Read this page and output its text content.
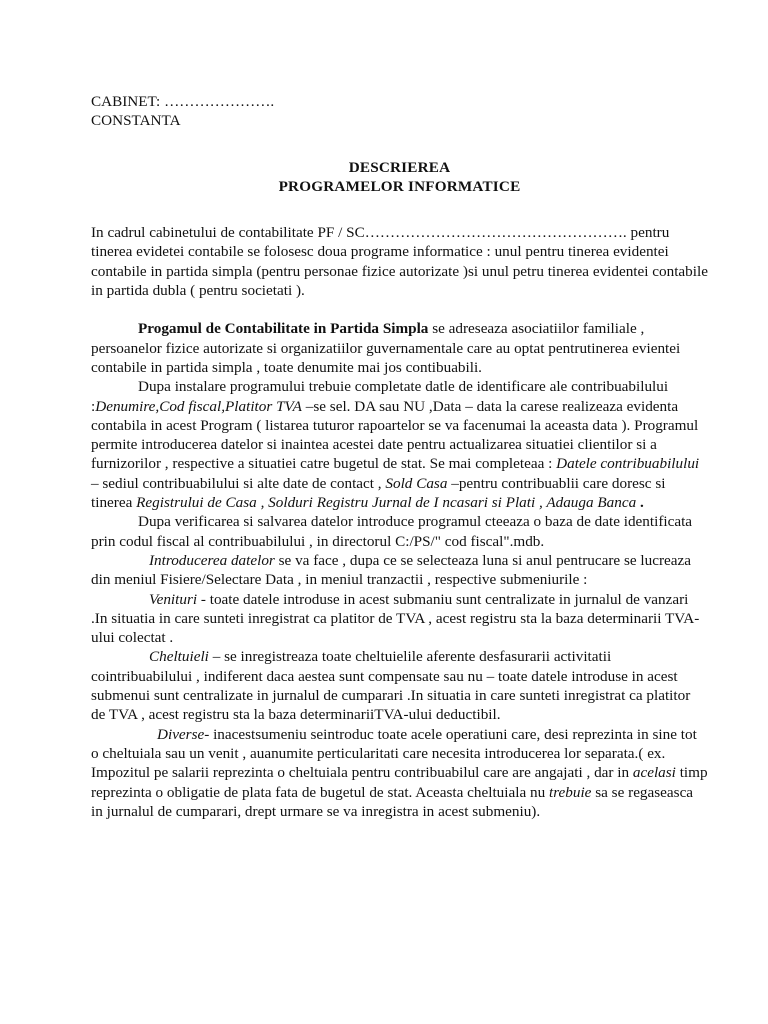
CABINET: ………………….

CONSTANTA

DESCRIEREA

PROGRAMELOR INFORMATICE

In cadrul cabinetului de contabilitate PF / SC……………………………………………. pentru tinerea evidetei contabile se folosesc doua programe informatice : unul pentru tinerea evidentei contabile in partida simpla (pentru personae fizice autorizate )si unul petru tinerea evidentei contabile in partida dubla ( pentru societati ).

Progamul de Contabilitate in Partida Simpla se adreseaza asociatiilor familiale , persoanelor fizice autorizate si organizatiilor guvernamentale care au optat pentrutinerea evientei contabile in partida simpla , toate denumite mai jos contibuabili.

Dupa instalare programului trebuie completate datle de identificare ale contribuabilului :Denumire,Cod fiscal,Platitor TVA –se sel. DA sau NU ,Data – data la carese realizeaza evidenta contabila in acest Program ( listarea tuturor rapoartelor se va facenumai la aceasta data ). Programul permite introducerea datelor si inaintea acestei date pentru actualizarea situatiei clientilor si a furnizorilor , respective a situatiei catre bugetul de stat. Se mai completeaa : Datele contribuabilului – sediul contribuabilului si alte date de contact , Sold Casa –pentru contribuablii care doresc si tinerea Registrului de Casa , Solduri Registru Jurnal de I ncasari si Plati , Adauga Banca .

Dupa verificarea si salvarea datelor introduce programul cteeaza o baza de date identificata prin codul fiscal al contribuabilului , in directorul C:/PS/" cod fiscal".mdb.

Introducerea datelor se va face , dupa ce se selecteaza luna si anul pentrucare se lucreaza din meniul Fisiere/Selectare Data , in meniul tranzactii , respective submeniurile :

Venituri - toate datele introduse in acest submaniu sunt centralizate in jurnalul de vanzari .In situatia in care sunteti inregistrat ca platitor de TVA , acest registru sta la baza determinarii TVA-ului colectat .

Cheltuieli – se inregistreaza toate cheltuielile aferente desfasurarii activitatii cointribuabilului , indiferent daca aestea sunt compensate sau nu – toate datele introduse in acest submenui sunt centralizate in jurnalul de cumparari .In situatia in care sunteti inregistrat ca platitor de TVA , acest registru sta la baza determinariiTVA-ului deductibil.

Diverse- inacestsumeniu seintroduc toate acele operatiuni care, desi reprezinta in sine tot o cheltuiala sau un venit , auanumite perticularitati care necesita introducerea lor separata.( ex. Impozitul pe salarii reprezinta o cheltuiala pentru contribuabilul care are angajati , dar in acelasi timp reprezinta o obligatie de plata fata de bugetul de stat. Aceasta cheltuiala nu trebuie sa se regaseasca in jurnalul de cumparari, drept urmare se va inregistra in acest submeniu).
